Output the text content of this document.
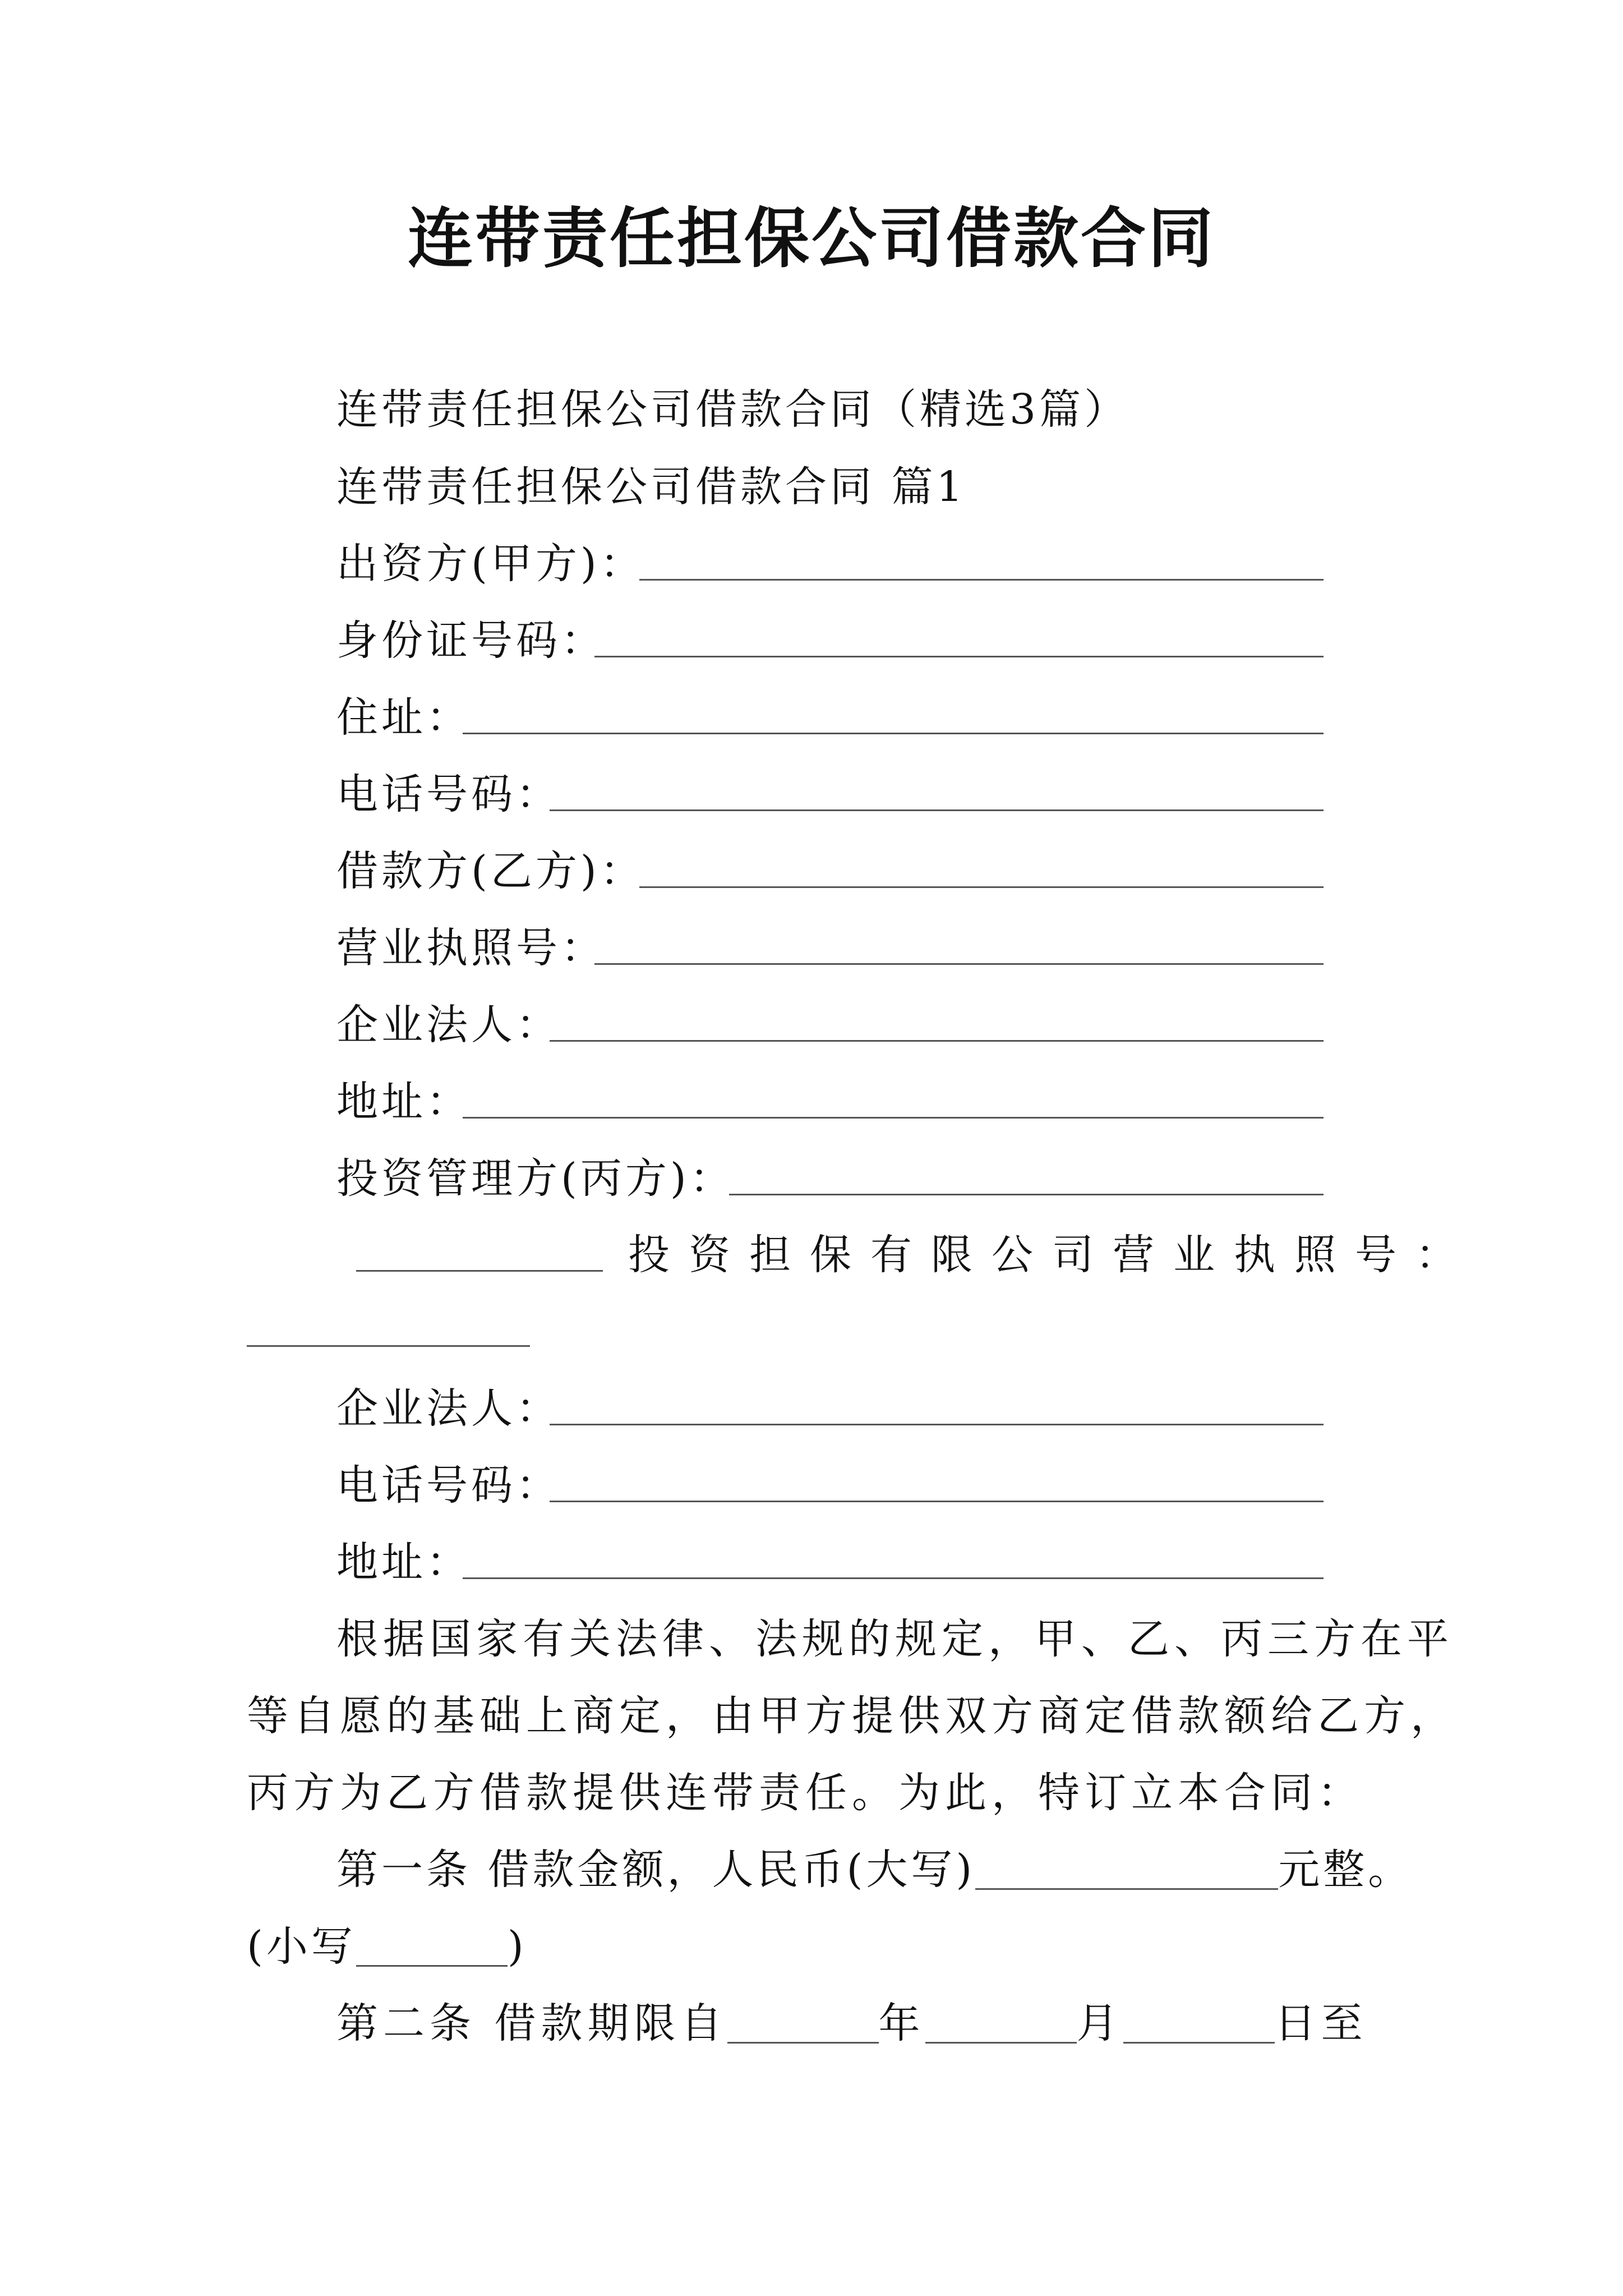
连带责任担保公司借款合同
连带责任担保公司借款合同（精选3篇）
连带责任担保公司借款合同 篇1
出资方(甲方)：
身份证号码：
住址：
电话号码：
借款方(乙方)：
营业执照号：
企业法人：
地址：
投资管理方(丙方)：
投资担保有限公司营业执照号：
企业法人：
电话号码：
地址：
根据国家有关法律、法规的规定，甲、乙、丙三方在平
等自愿的基础上商定，由甲方提供双方商定借款额给乙方，
丙方为乙方借款提供连带责任。为此，特订立本合同：
第一条 借款金额，人民币(大写)	元整。
(小写	)
第二条 借款期限自	年	月	日至
